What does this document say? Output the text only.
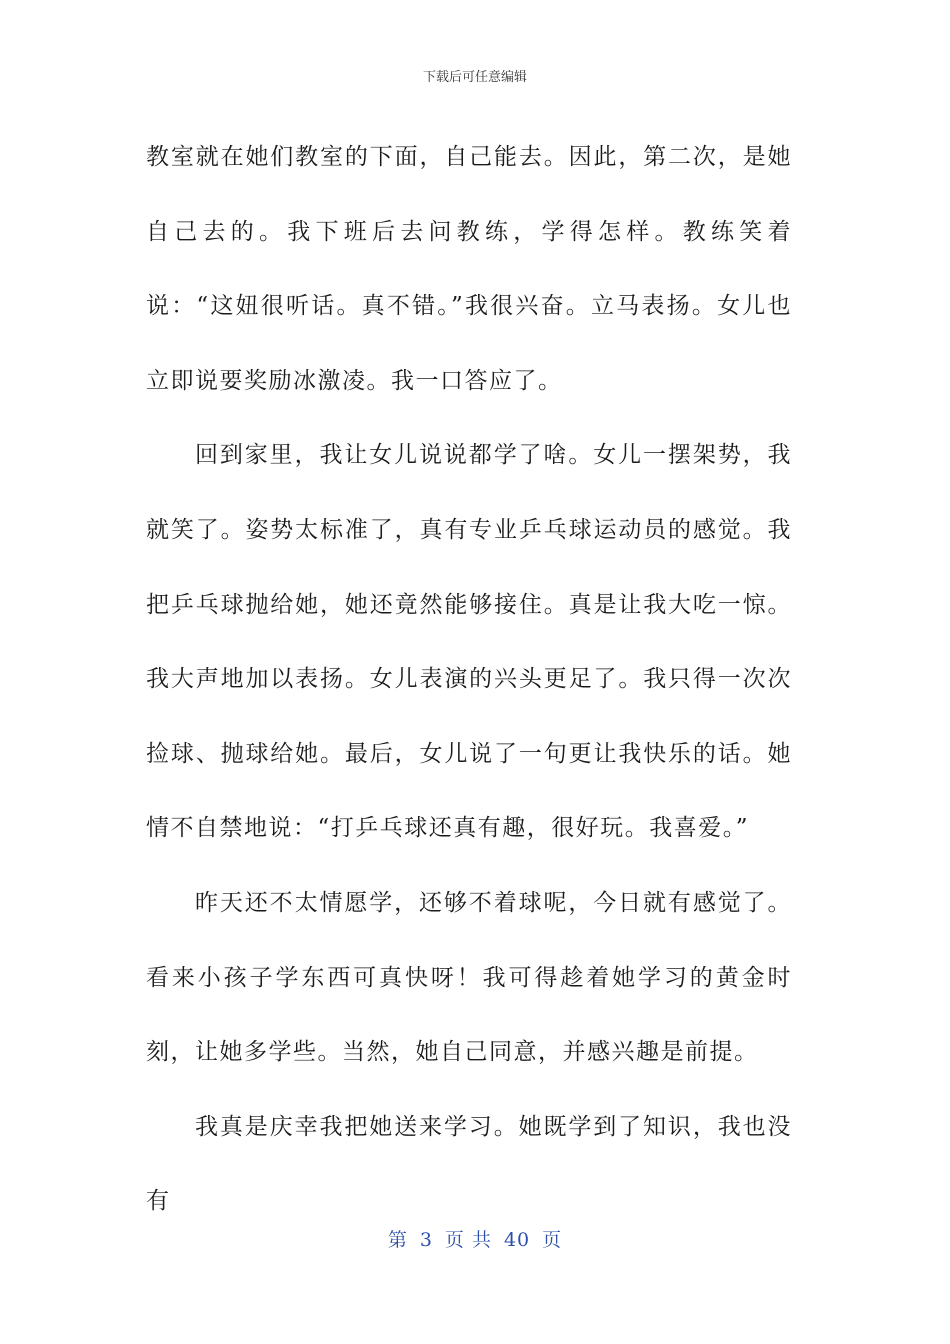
下载后可任意编辑

教室就在她们教室的下面，自己能去。因此，第二次，是她自己去的。我下班后去问教练，学得怎样。教练笑着说：“这妞很听话。真不错。”我很兴奋。立马表扬。女儿也立即说要奖励冰激凌。我一口答应了。

回到家里，我让女儿说说都学了啥。女儿一摆架势，我就笑了。姿势太标准了，真有专业乒乓球运动员的感觉。我把乒乓球抛给她，她还竟然能够接住。真是让我大吃一惊。我大声地加以表扬。女儿表演的兴头更足了。我只得一次次捡球、抛球给她。最后，女儿说了一句更让我快乐的话。她情不自禁地说：“打乒乓球还真有趣，很好玩。我喜爱。”

昨天还不太情愿学，还够不着球呢，今日就有感觉了。看来小孩子学东西可真快呀！我可得趁着她学习的黄金时刻，让她多学些。当然，她自己同意，并感兴趣是前提。

我真是庆幸我把她送来学习。她既学到了知识，我也没有

第 3 页 共 40 页
